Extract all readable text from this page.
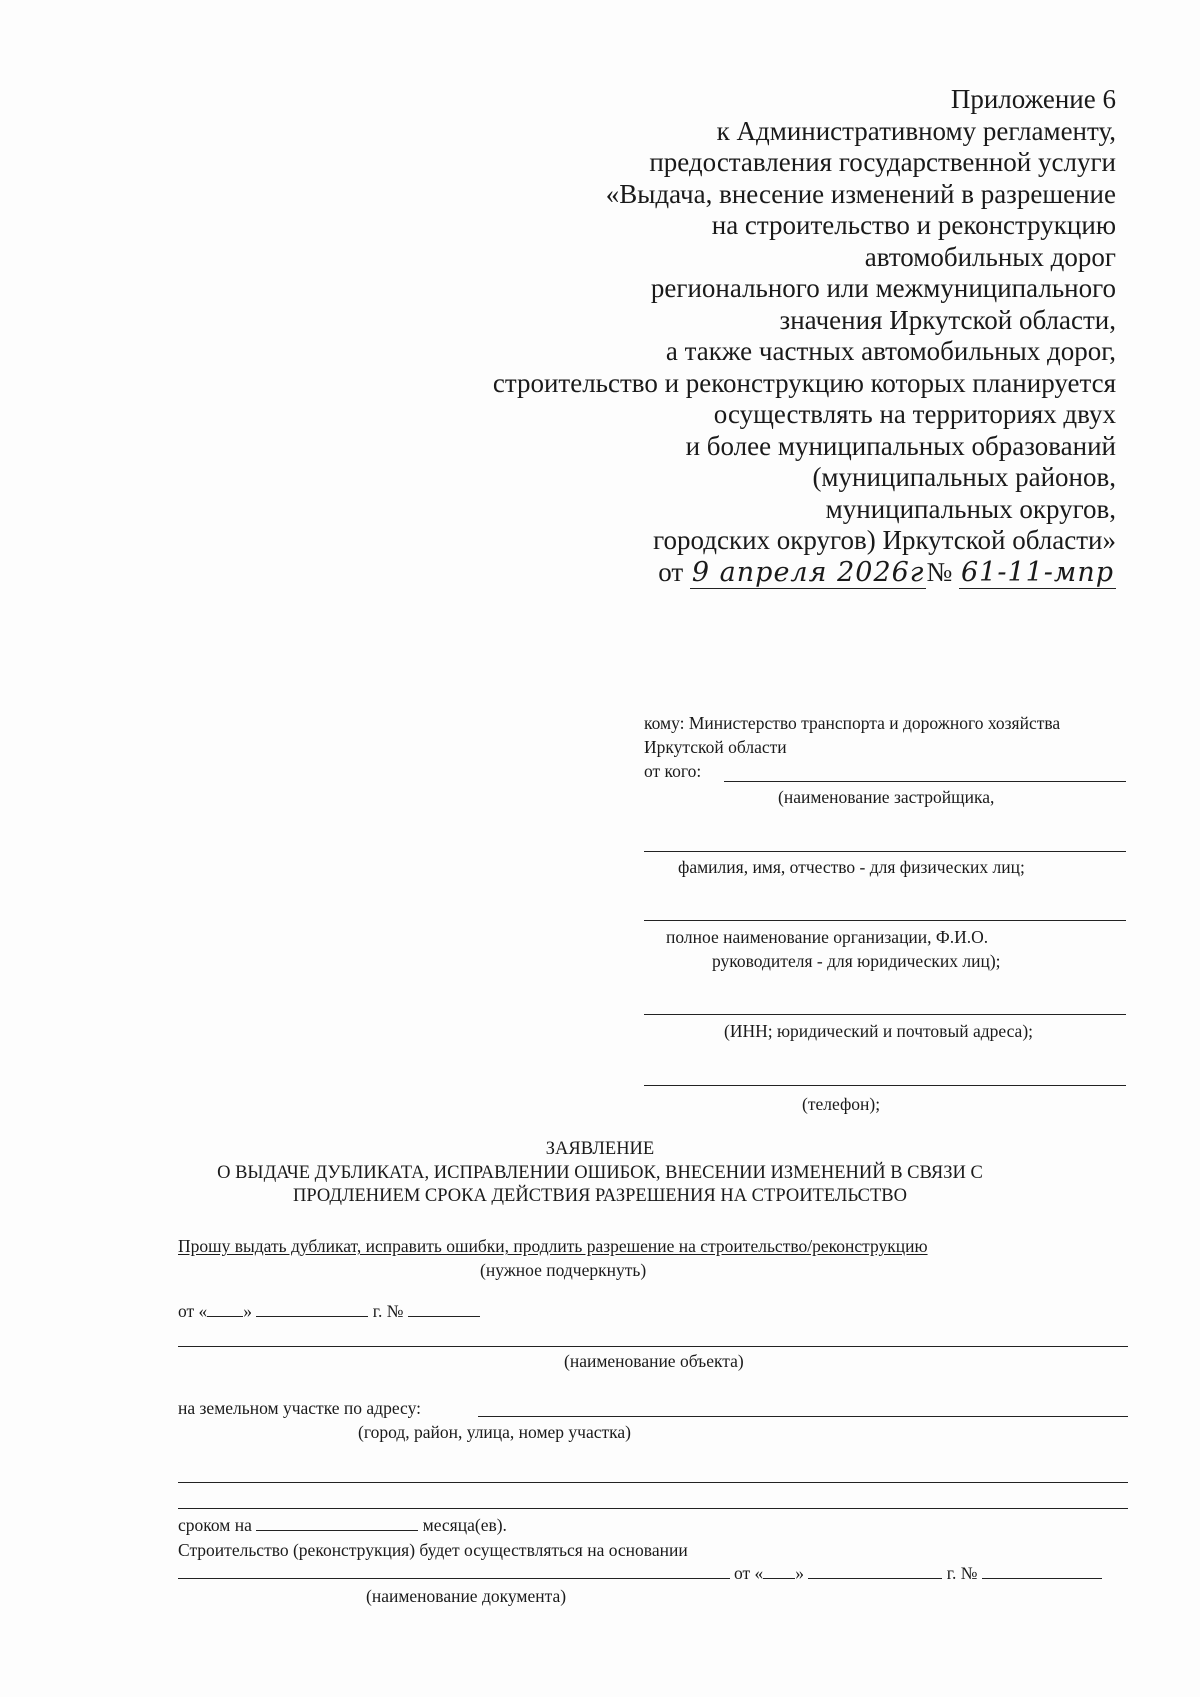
Приложение 6
к Административному регламенту,
предоставления государственной услуги
«Выдача, внесение изменений в разрешение
на строительство и реконструкцию
автомобильных дорог
регионального или межмуниципального
значения Иркутской области,
а также частных автомобильных дорог,
строительство и реконструкцию которых планируется
осуществлять на территориях двух
и более муниципальных образований
(муниципальных районов,
муниципальных округов,
городских округов) Иркутской области»
от 9 апреля 2026г№ 61-11-мпр
кому: Министерство транспорта и дорожного хозяйства
Иркутской области
от кого:
(наименование застройщика,
фамилия, имя, отчество - для физических лиц;
полное наименование организации, Ф.И.О.
руководителя - для юридических лиц);
(ИНН; юридический и почтовый адреса);
(телефон);
ЗАЯВЛЕНИЕ
О ВЫДАЧЕ ДУБЛИКАТА, ИСПРАВЛЕНИИ ОШИБОК, ВНЕСЕНИИ ИЗМЕНЕНИЙ В СВЯЗИ С
ПРОДЛЕНИЕМ СРОКА ДЕЙСТВИЯ РАЗРЕШЕНИЯ НА СТРОИТЕЛЬСТВО
Прошу выдать дубликат, исправить ошибки, продлить разрешение на строительство/реконструкцию
(нужное подчеркнуть)
от « »	г. №
(наименование объекта)
на земельном участке по адресу:
(город, район, улица, номер участка)
сроком на	месяца(ев).
Строительство (реконструкция) будет осуществляться на основании
от « »	г. №
(наименование документа)
